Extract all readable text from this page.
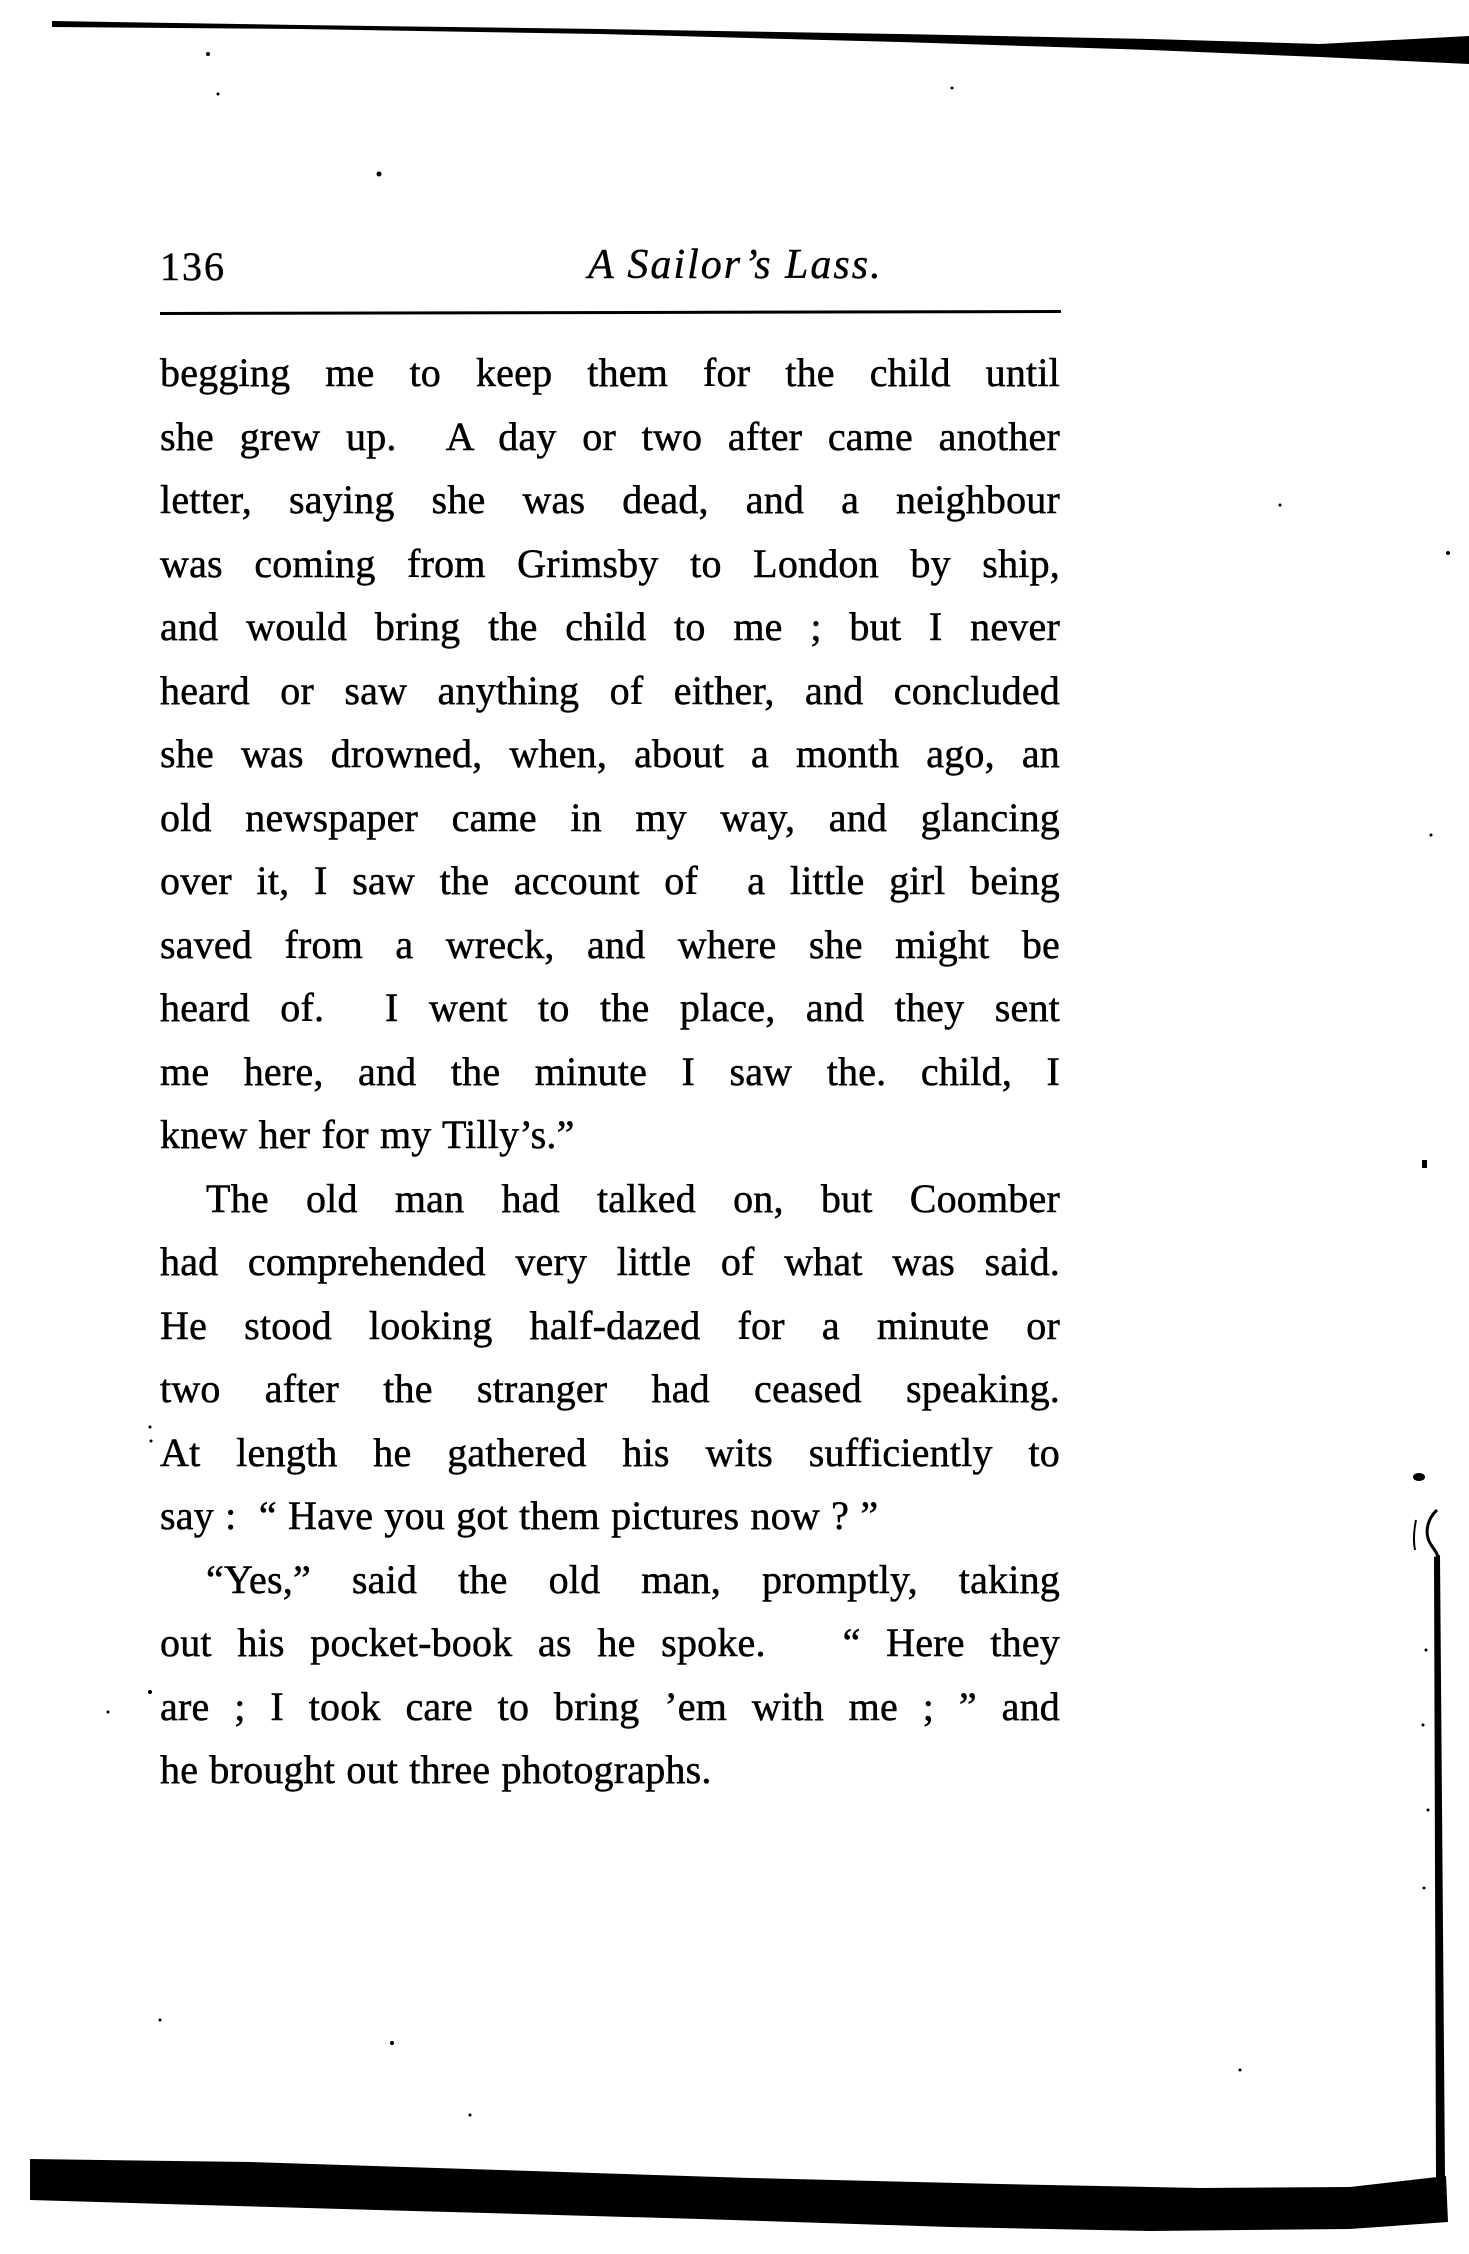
136	A Sailor’s Lass.
begging me to keep them for the child until
she grew up.  A day or two after came another
letter, saying she was dead, and a neighbour
was coming from Grimsby to London by ship,
and would bring the child to me ; but I never
heard or saw anything of either, and concluded
she was drowned, when, about a month ago, an
old newspaper came in my way, and glancing
over it, I saw the account of  a little girl being
saved from a wreck, and where she might be
heard of.  I went to the place, and they sent
me here, and the minute I saw the. child, I
knew her for my Tilly’s.”
The old man had talked on, but Coomber
had comprehended very little of what was said.
He stood looking half-dazed for a minute or
two after the stranger had ceased speaking.
At length he gathered his wits sufficiently to
say :  “ Have you got them pictures now ? ”
“Yes,” said the old man, promptly, taking
out his pocket-book as he spoke.   “ Here they
are ; I took care to bring ’em with me ; ” and
he brought out three photographs.
